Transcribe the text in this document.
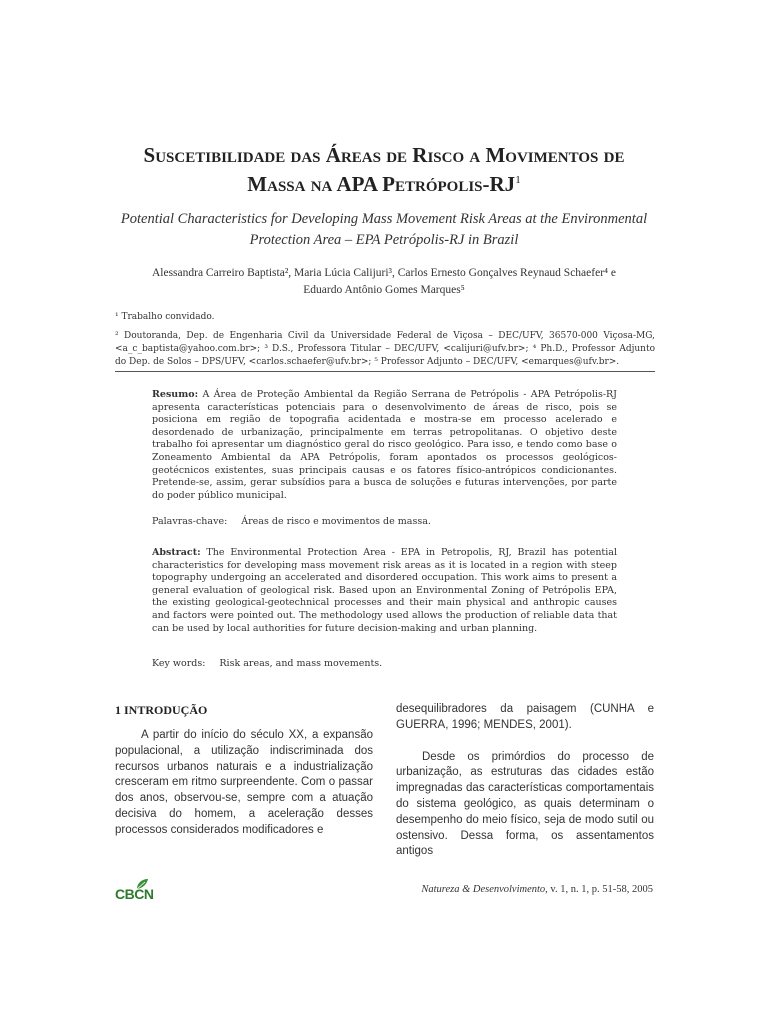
Suscetibilidade das Áreas de Risco a Movimentos de
Massa na APA Petrópolis-$RJ^1$
Potential Characteristics for Developing Mass Movement Risk Areas at the Environmental Protection Area – EPA Petrópolis-RJ in Brazil
Alessandra Carreiro Baptista², Maria Lúcia Calijuri³, Carlos Ernesto Gonçalves Reynaud Schaefer⁴ e
Eduardo Antônio Gomes Marques⁵

¹ Trabalho convidado.

² Doutoranda, Dep. de Engenharia Civil da Universidade Federal de Viçosa – DEC/UFV, 36570-000 Viçosa-MG, <a_c_baptista@yahoo.com.br>; ³ D.S., Professora Titular – DEC/UFV, <calijuri@ufv.br>; ⁴ Ph.D., Professor Adjunto do Dep. de Solos – DPS/UFV, <carlos.schaefer@ufv.br>; ⁵ Professor Adjunto – DEC/UFV, <emarques@ufv.br>.

Resumo: A Área de Proteção Ambiental da Região Serrana de Petrópolis - APA Petrópolis-RJ apresenta características potenciais para o desenvolvimento de áreas de risco, pois se posiciona em região de topografia acidentada e mostra-se em processo acelerado e desordenado de urbanização, principalmente em terras petropolitanas. O objetivo deste trabalho foi apresentar um diagnóstico geral do risco geológico. Para isso, e tendo como base o Zoneamento Ambiental da APA Petrópolis, foram apontados os processos geológicos-geotécnicos existentes, suas principais causas e os fatores físico-antrópicos condicionantes. Pretende-se, assim, gerar subsídios para a busca de soluções e futuras intervenções, por parte do poder público municipal.
Palavras-chave: Áreas de risco e movimentos de massa.
Abstract: The Environmental Protection Area - EPA in Petropolis, RJ, Brazil has potential characteristics for developing mass movement risk areas as it is located in a region with steep topography undergoing an accelerated and disordered occupation. This work aims to present a general evaluation of geological risk. Based upon an Environmental Zoning of Petrópolis EPA, the existing geological-geotechnical processes and their main physical and anthropic causes and factors were pointed out. The methodology used allows the production of reliable data that can be used by local authorities for future decision-making and urban planning.
Key words: Risk areas, and mass movements.
1 INTRODUÇÃO

A partir do início do século XX, a expansão populacional, a utilização indiscriminada dos recursos urbanos naturais e a industrialização cresceram em ritmo surpreendente. Com o passar dos anos, observou-se, sempre com a atuação decisiva do homem, a aceleração desses processos considerados modificadores e

desequilibradores da paisagem (CUNHA e GUERRA, 1996; MENDES, 2001).

Desde os primórdios do processo de urbanização, as estruturas das cidades estão impregnadas das características comportamentais do sistema geológico, as quais determinam o desempenho do meio físico, seja de modo sutil ou ostensivo. Dessa forma, os assentamentos antigos

CBCN	Natureza & Desenvolvimento, v. 1, n. 1, p. 51-58, 2005
